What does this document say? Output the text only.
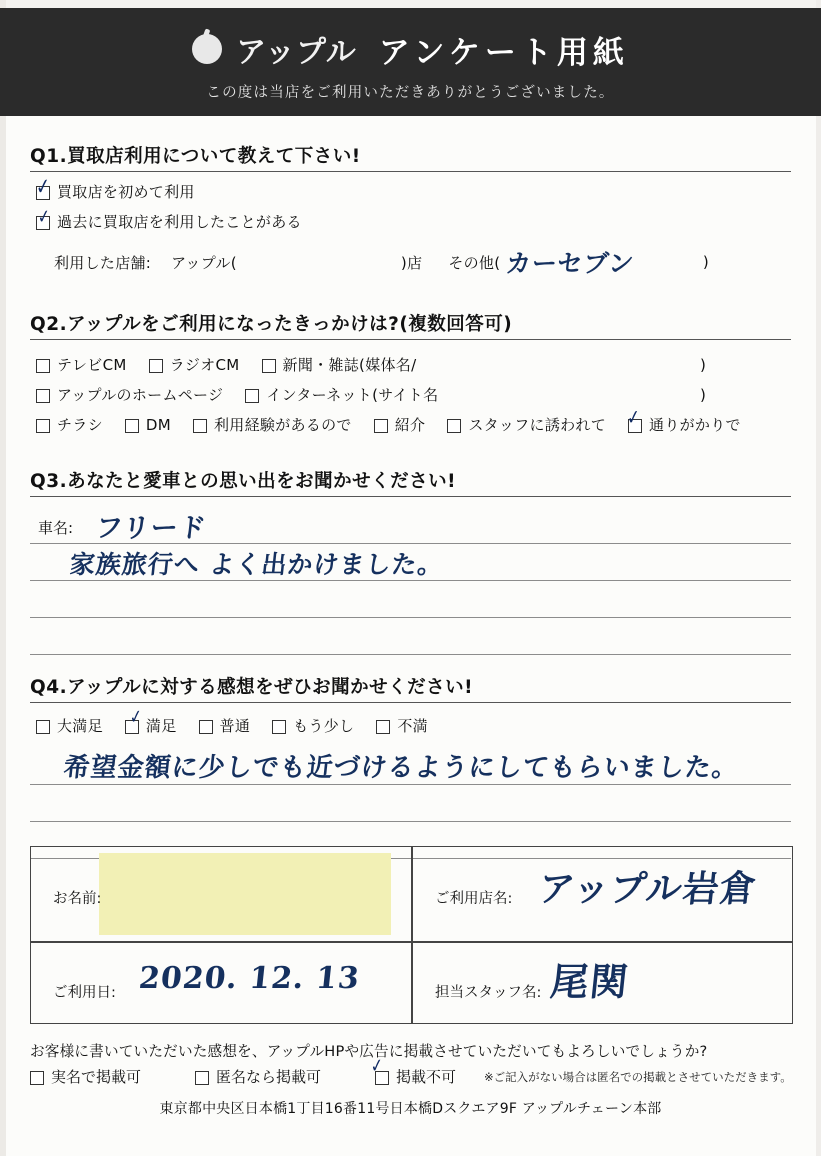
アップル アンケート用紙
この度は当店をご利用いただきありがとうございました。
Q1.買取店利用について教えて下さい!
買取店を初めて利用
✓
過去に買取店を利用したことがある
✓
利用した店舗: アップル(	)店 その他( カーセブン	)
Q2.アップルをご利用になったきっかけは?(複数回答可)
テレビCM	ラジオCM	新聞・雑誌(媒体名/	)
アップルのホームページ	インターネット(サイト名	)
チラシ	DM	利用経験があるので	紹介	スタッフに誘われて	通りがかりで
✓
Q3.あなたと愛車との思い出をお聞かせください!
車名: フリード
家族旅行へ よく出かけました。
Q4.アップルに対する感想をぜひお聞かせください!
大満足	満足	普通	もう少し	不満
✓
希望金額に少しでも近づけるようにしてもらいました。
お名前:	ご利用店名: アップル岩倉
ご利用日: 2020. 12. 13	担当スタッフ名: 尾関
お客様に書いていただいた感想を、アップルHPや広告に掲載させていただいてもよろしいでしょうか?
実名で掲載可	匿名なら掲載可	掲載不可
✓	※ご記入がない場合は匿名での掲載とさせていただきます。
東京都中央区日本橋1丁目16番11号日本橋Dスクエア9F アップルチェーン本部
